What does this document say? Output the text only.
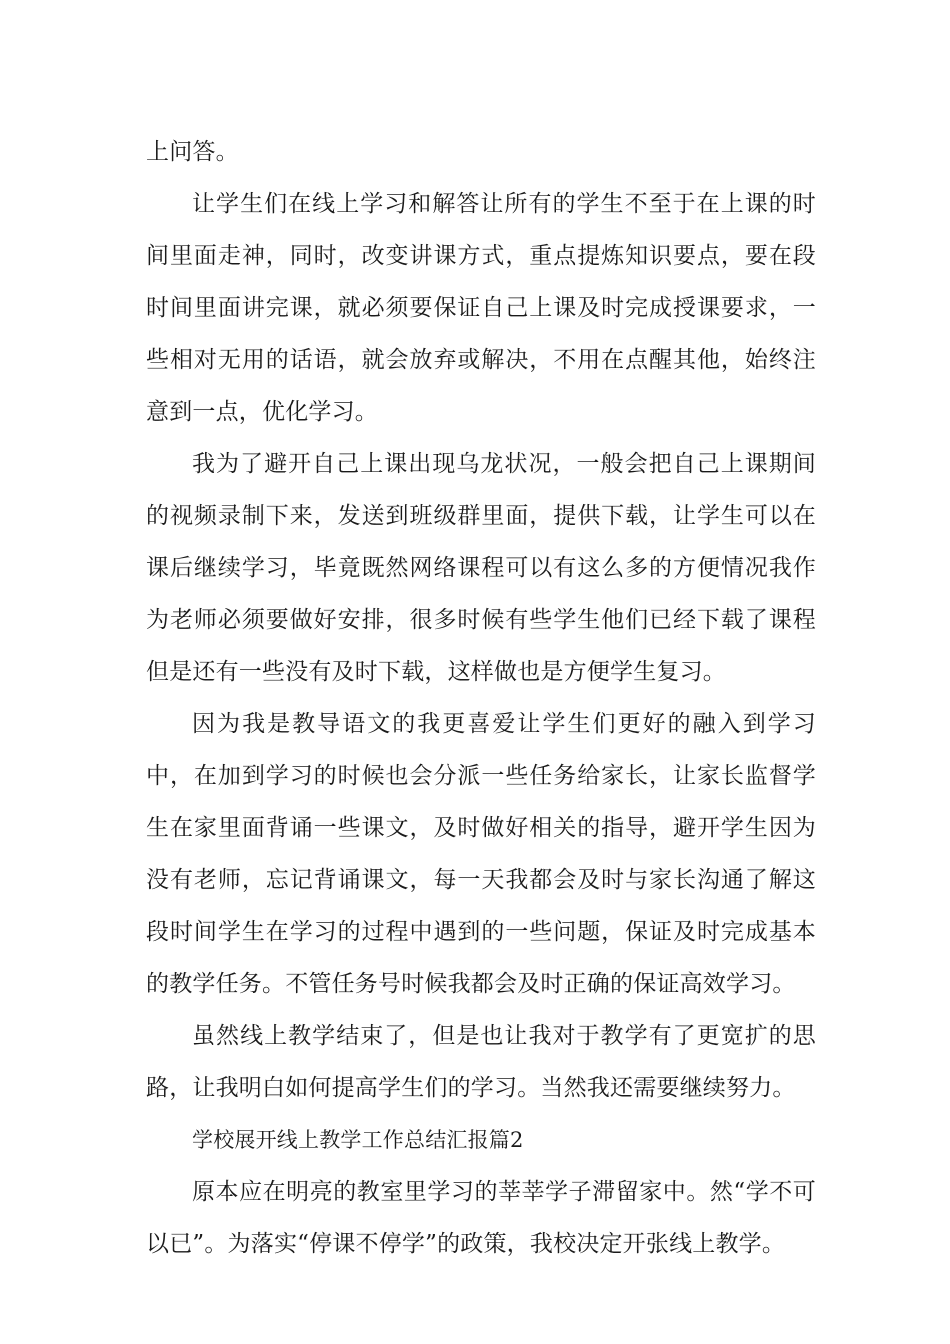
上问答。

让学生们在线上学习和解答让所有的学生不至于在上课的时间里面走神，同时，改变讲课方式，重点提炼知识要点，要在段时间里面讲完课，就必须要保证自己上课及时完成授课要求，一些相对无用的话语，就会放弃或解决，不用在点醒其他，始终注意到一点，优化学习。

我为了避开自己上课出现乌龙状况，一般会把自己上课期间的视频录制下来，发送到班级群里面，提供下载，让学生可以在课后继续学习，毕竟既然网络课程可以有这么多的方便情况我作为老师必须要做好安排，很多时候有些学生他们已经下载了课程但是还有一些没有及时下载，这样做也是方便学生复习。

因为我是教导语文的我更喜爱让学生们更好的融入到学习中，在加到学习的时候也会分派一些任务给家长，让家长监督学生在家里面背诵一些课文，及时做好相关的指导，避开学生因为没有老师，忘记背诵课文，每一天我都会及时与家长沟通了解这段时间学生在学习的过程中遇到的一些问题，保证及时完成基本的教学任务。不管任务号时候我都会及时正确的保证高效学习。

虽然线上教学结束了，但是也让我对于教学有了更宽扩的思路，让我明白如何提高学生们的学习。当然我还需要继续努力。

学校展开线上教学工作总结汇报篇2

原本应在明亮的教室里学习的莘莘学子滞留家中。然“学不可以已”。为落实“停课不停学”的政策，我校决定开张线上教学。
